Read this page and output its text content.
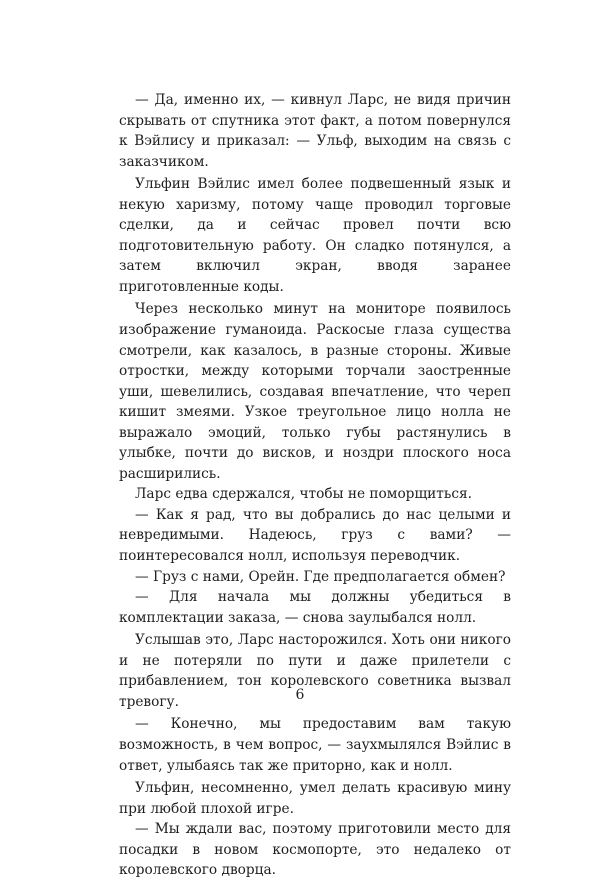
— Да, именно их, — кивнул Ларс, не видя причин скрывать от спутника этот факт, а потом повернулся к Вэйлису и приказал: — Ульф, выходим на связь с заказчиком.

Ульфин Вэйлис имел более подвешенный язык и некую харизму, потому чаще проводил торговые сделки, да и сейчас провел почти всю подготовительную работу. Он сладко потянулся, а затем включил экран, вводя заранее приготовленные коды.

Через несколько минут на мониторе появилось изображение гуманоида. Раскосые глаза существа смотрели, как казалось, в разные стороны. Живые отростки, между которыми торчали заостренные уши, шевелились, создавая впечатление, что череп кишит змеями. Узкое треугольное лицо нолла не выражало эмоций, только губы растянулись в улыбке, почти до висков, и ноздри плоского носа расширились.

Ларс едва сдержался, чтобы не поморщиться.

— Как я рад, что вы добрались до нас целыми и невредимыми. Надеюсь, груз с вами? — поинтересовался нолл, используя переводчик.

— Груз с нами, Орейн. Где предполагается обмен?

— Для начала мы должны убедиться в комплектации заказа, — снова заулыбался нолл.

Услышав это, Ларс насторожился. Хоть они никого и не потеряли по пути и даже прилетели с прибавлением, тон королевского советника вызвал тревогу.

— Конечно, мы предоставим вам такую возможность, в чем вопрос, — заухмылялся Вэйлис в ответ, улыбаясь так же приторно, как и нолл.

Ульфин, несомненно, умел делать красивую мину при любой плохой игре.

— Мы ждали вас, поэтому приготовили место для посадки в новом космопорте, это недалеко от королевского дворца.

6
